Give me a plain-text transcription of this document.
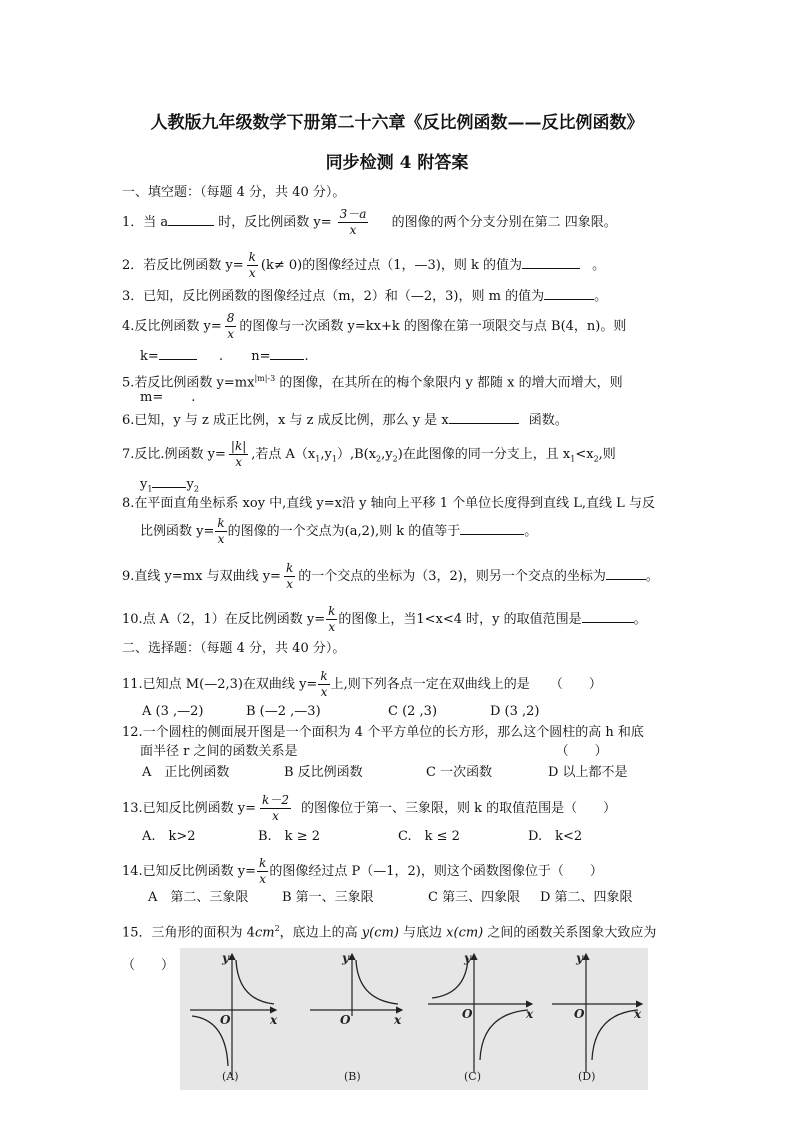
人教版九年级数学下册第二十六章《反比例函数——反比例函数》
同步检测 4 附答案
一、填空题：（每题 4 分，共 40 分）。
1．当 a	时，反比例函数 $y= \frac{3-a}{x}$ 的图像的两个分支分别在第二 四象限。
2．若反比例函数 $y= \frac{k}{x} (k\ne 0)$的图像经过点（1，—3)，则 k 的值为	。
3．已知，反比例函数的图像经过点（m，2）和（—2，3)，则 m 的值为	。
4.反比例函数 $y= \frac{8}{x}$ 的图像与一次函数 y=kx+k 的图像在第一项限交与点 B(4，n)。则
k=	. n=	.
5.若反比例函数 $y=mx^{|m|-3}$ 的图像，在其所在的梅个象限内 y 都随 x 的增大而增大，则
m= .
6.已知，y 与 z 成正比例，x 与 z 成反比例，那么 y 是 x	函数。
7.反比.例函数 $y= \frac{|k|}{x}$ ,若点 $A(x_1,y_1),B(x_2,y_2)$在此图像的同一分支上，且 $x_1<x_2$,则
$y_1$	$y_2$
8.在平面直角坐标系 xoy 中,直线 y=x沿 y 轴向上平移 1 个单位长度得到直线 L,直线 L 与反
比例函数 $y= \frac{k}{x}$ 的图像的一个交点为(a,2),则 k 的值等于	。
9.直线 y=mx 与双曲线 $y= \frac{k}{x}$ 的一个交点的坐标为（3，2)，则另一个交点的坐标为	。
10.点 A（2，1）在反比例函数 $y= \frac{k}{x}$ 的图像上，当1<x<4 时，y 的取值范围是	。
二、选择题：（每题 4 分，共 40 分）。
11.已知点 M(—2,3)在双曲线 $y= \frac{k}{x}$ 上,则下列各点一定在双曲线上的是 （　　）
A (3 ,—2)	B (—2 ,—3)	C (2 ,3)	D (3 ,2)
12.一个圆柱的侧面展开图是一个面积为 4 个平方单位的长方形，那么这个圆柱的高 h 和底
面半径 r 之间的函数关系是	（　　）
A　正比例函数	B 反比例函数	C 一次函数	D 以上都不是
13.已知反比例函数 $y= \frac{k-2}{x}$ 的图像位于第一、三象限，则 k 的取值范围是（　　）
A.　k>2	B.　k ≥ 2	C.　k ≤ 2	D.　k<2
14.已知反比例函数 $y= \frac{k}{x}$ 的图像经过点 P（—1，2)，则这个函数图像位于（　　）
A　第二、三象限	B 第一、三象限	C 第三、四象限 D 第二、四象限
15．三角形的面积为 $4cm^2$，底边上的高 y(cm) 与底边 x(cm) 之间的函数关系图象大致应为
（　　）	y
x
O
(A)
y
x
O
(B)
y
x
O
(C)
y
x
O
(D)
